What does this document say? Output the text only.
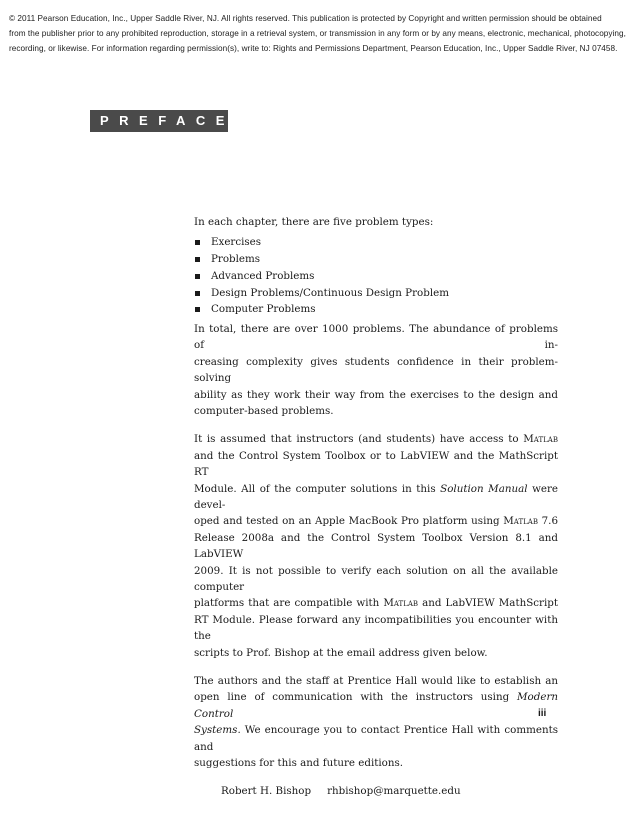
© 2011 Pearson Education, Inc., Upper Saddle River, NJ. All rights reserved. This publication is protected by Copyright and written permission should be obtained
from the publisher prior to any prohibited reproduction, storage in a retrieval system, or transmission in any form or by any means, electronic, mechanical, photocopying,
recording, or likewise. For information regarding permission(s), write to: Rights and Permissions Department, Pearson Education, Inc., Upper Saddle River, NJ 07458.
PREFACE
In each chapter, there are five problem types:
Exercises
Problems
Advanced Problems
Design Problems/Continuous Design Problem
Computer Problems
In total, there are over 1000 problems. The abundance of problems of in-
creasing complexity gives students confidence in their problem-solving
ability as they work their way from the exercises to the design and
computer-based problems.
It is assumed that instructors (and students) have access to Matlab
and the Control System Toolbox or to LabVIEW and the MathScript RT
Module. All of the computer solutions in this Solution Manual were devel-
oped and tested on an Apple MacBook Pro platform using Matlab 7.6
Release 2008a and the Control System Toolbox Version 8.1 and LabVIEW
2009. It is not possible to verify each solution on all the available computer
platforms that are compatible with Matlab and LabVIEW MathScript
RT Module. Please forward any incompatibilities you encounter with the
scripts to Prof. Bishop at the email address given below.
The authors and the staff at Prentice Hall would like to establish an
open line of communication with the instructors using Modern Control
Systems. We encourage you to contact Prentice Hall with comments and
suggestions for this and future editions.
Robert H. Bishop rhbishop@marquette.edu
iii
